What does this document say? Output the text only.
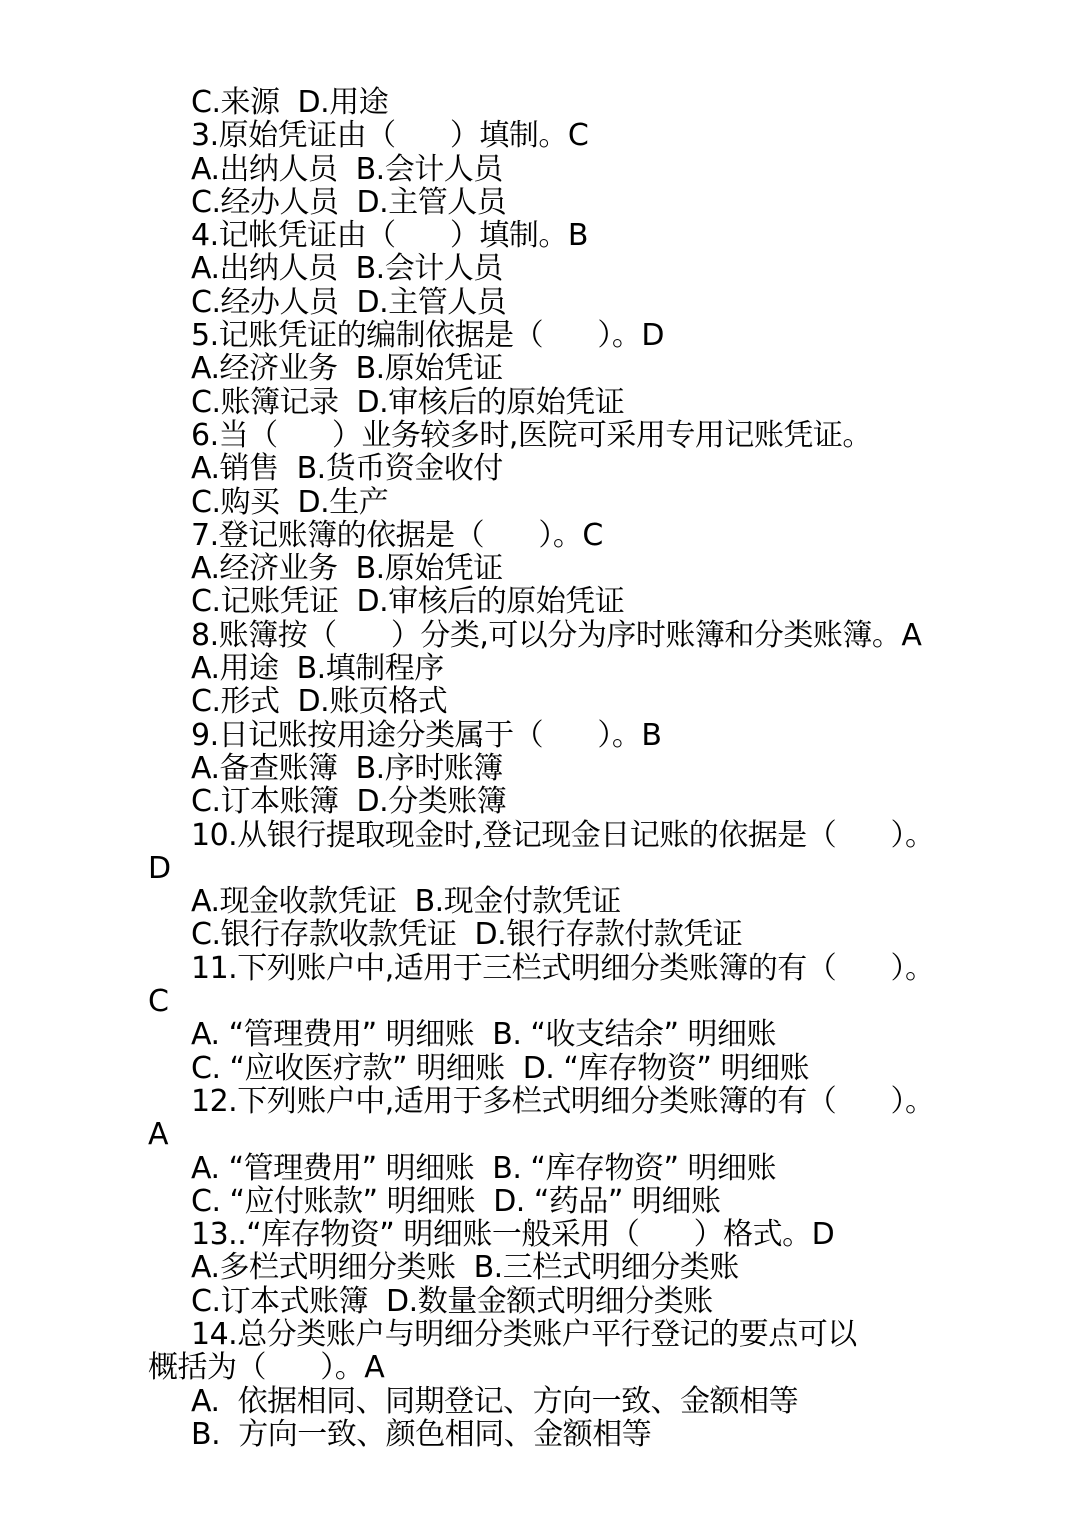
C.来源  D.用途
3.原始凭证由（      ）填制。C
A.出纳人员  B.会计人员
C.经办人员  D.主管人员
4.记帐凭证由（      ）填制。B
A.出纳人员  B.会计人员
C.经办人员  D.主管人员
5.记账凭证的编制依据是（      ）。D
A.经济业务  B.原始凭证
C.账簿记录  D.审核后的原始凭证
6.当（      ）业务较多时,医院可采用专用记账凭证。
A.销售  B.货币资金收付
C.购买  D.生产
7.登记账簿的依据是（      ）。C
A.经济业务  B.原始凭证
C.记账凭证  D.审核后的原始凭证
8.账簿按（      ）分类,可以分为序时账簿和分类账簿。A
A.用途  B.填制程序
C.形式  D.账页格式
9.日记账按用途分类属于（      ）。B
A.备查账簿  B.序时账簿
C.订本账簿  D.分类账簿
10.从银行提取现金时,登记现金日记账的依据是（      ）。
D
A.现金收款凭证  B.现金付款凭证
C.银行存款收款凭证  D.银行存款付款凭证
11.下列账户中,适用于三栏式明细分类账簿的有（      ）。
C
A. “管理费用” 明细账  B. “收支结余” 明细账
C. “应收医疗款” 明细账  D. “库存物资” 明细账
12.下列账户中,适用于多栏式明细分类账簿的有（      ）。
A
A. “管理费用” 明细账  B. “库存物资” 明细账
C. “应付账款” 明细账  D. “药品” 明细账
13..“库存物资” 明细账一般采用（      ）格式。D
A.多栏式明细分类账  B.三栏式明细分类账
C.订本式账簿  D.数量金额式明细分类账
14.总分类账户与明细分类账户平行登记的要点可以
概括为（      ）。A
A.  依据相同、同期登记、方向一致、金额相等
B.  方向一致、颜色相同、金额相等
